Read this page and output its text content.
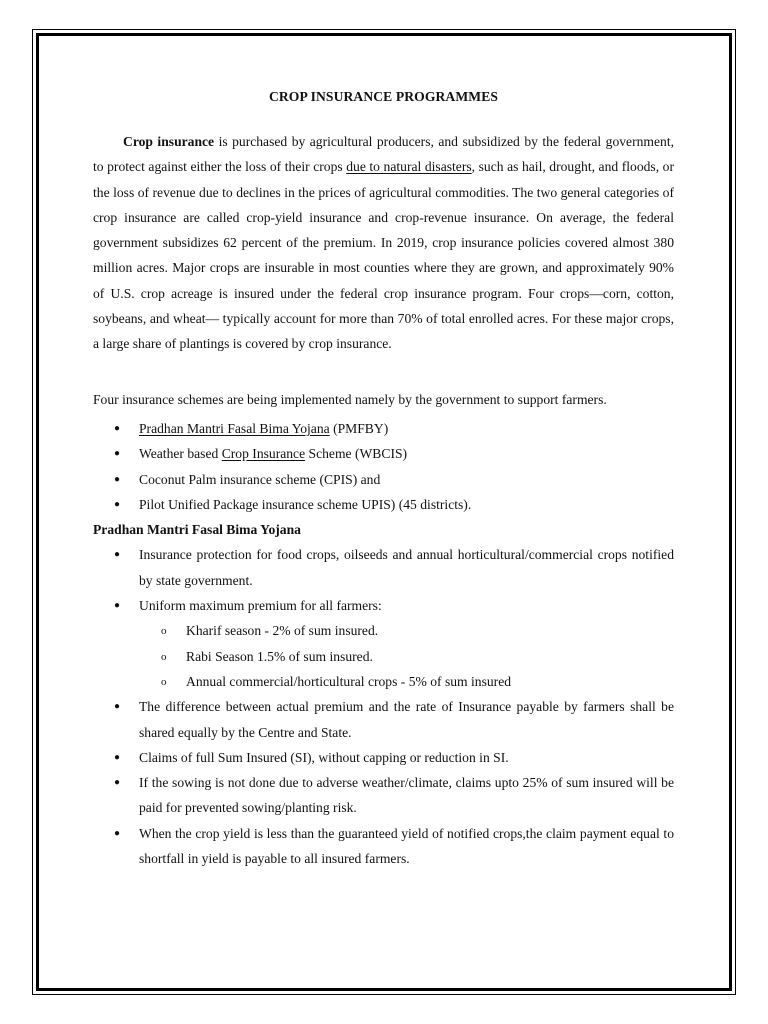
CROP INSURANCE PROGRAMMES

Crop insurance is purchased by agricultural producers, and subsidized by the federal government, to protect against either the loss of their crops due to natural disasters, such as hail, drought, and floods, or the loss of revenue due to declines in the prices of agricultural commodities. The two general categories of crop insurance are called crop-yield insurance and crop-revenue insurance. On average, the federal government subsidizes 62 percent of the premium. In 2019, crop insurance policies covered almost 380 million acres. Major crops are insurable in most counties where they are grown, and approximately 90% of U.S. crop acreage is insured under the federal crop insurance program. Four crops—corn, cotton, soybeans, and wheat— typically account for more than 70% of total enrolled acres. For these major crops, a large share of plantings is covered by crop insurance.

Four insurance schemes are being implemented namely by the government to support farmers.

● Pradhan Mantri Fasal Bima Yojana (PMFBY)
● Weather based Crop Insurance Scheme (WBCIS)
● Coconut Palm insurance scheme (CPIS) and
● Pilot Unified Package insurance scheme UPIS) (45 districts).

Pradhan Mantri Fasal Bima Yojana

● Insurance protection for food crops, oilseeds and annual horticultural/commercial crops notified by state government.
● Uniform maximum premium for all farmers:
o Kharif season - 2% of sum insured.
o Rabi Season 1.5% of sum insured.
o Annual commercial/horticultural crops - 5% of sum insured
● The difference between actual premium and the rate of Insurance payable by farmers shall be shared equally by the Centre and State.
● Claims of full Sum Insured (SI), without capping or reduction in SI.
● If the sowing is not done due to adverse weather/climate, claims upto 25% of sum insured will be paid for prevented sowing/planting risk.
● When the crop yield is less than the guaranteed yield of notified crops,the claim payment equal to shortfall in yield is payable to all insured farmers.
